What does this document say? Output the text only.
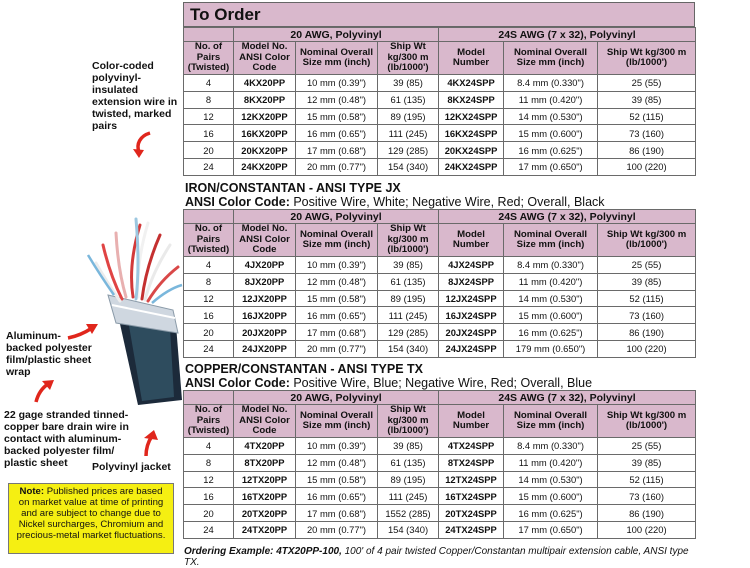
Color-coded polyvinyl-insulated extension wire in twisted, marked pairs
Aluminum-backed polyester film/plastic sheet wrap
22 gage stranded tinned-copper bare drain wire in contact with aluminum-backed polyester film/ plastic sheet	Polyvinyl jacket
Note: Published prices are based on market value at time of printing and are subject to change due to Nickel surcharges, Chromium and precious-metal market fluctuations.
To Order
	20 AWG, Polyvinyl			24S AWG (7 x 32), Polyvinyl		
No. of Pairs (Twisted)	Model No. ANSI Color Code	Nominal Overall Size mm (inch)	Ship Wt kg/300 m (lb/1000')	Model Number	Nominal Overall Size mm (inch)	Ship Wt kg/300 m (lb/1000')
4	4KX20PP	10 mm (0.39")	39 (85)	4KX24SPP	8.4 mm (0.330")	25 (55)
8	8KX20PP	12 mm (0.48")	61 (135)	8KX24SPP	11 mm (0.420")	39 (85)
12	12KX20PP	15 mm (0.58")	89 (195)	12KX24SPP	14 mm (0.530")	52 (115)
16	16KX20PP	16 mm (0.65")	111 (245)	16KX24SPP	15 mm (0.600")	73 (160)
20	20KX20PP	17 mm (0.68")	129 (285)	20KX24SPP	16 mm (0.625")	86 (190)
24	24KX20PP	20 mm (0.77")	154 (340)	24KX24SPP	17 mm (0.650")	100 (220)
IRON/CONSTANTAN - ANSI TYPE JX
ANSI Color Code: Positive Wire, White; Negative Wire, Red; Overall, Black
	20 AWG, Polyvinyl			24S AWG (7 x 32), Polyvinyl		
No. of Pairs (Twisted)	Model No. ANSI Color Code	Nominal Overall Size mm (inch)	Ship Wt kg/300 m (lb/1000')	Model Number	Nominal Overall Size mm (inch)	Ship Wt kg/300 m (lb/1000')
4	4JX20PP	10 mm (0.39")	39 (85)	4JX24SPP	8.4 mm (0.330")	25 (55)
8	8JX20PP	12 mm (0.48")	61 (135)	8JX24SPP	11 mm (0.420")	39 (85)
12	12JX20PP	15 mm (0.58")	89 (195)	12JX24SPP	14 mm (0.530")	52 (115)
16	16JX20PP	16 mm (0.65")	111 (245)	16JX24SPP	15 mm (0.600")	73 (160)
20	20JX20PP	17 mm (0.68")	129 (285)	20JX24SPP	16 mm (0.625")	86 (190)
24	24JX20PP	20 mm (0.77")	154 (340)	24JX24SPP	179 mm (0.650")	100 (220)
COPPER/CONSTANTAN - ANSI TYPE TX
ANSI Color Code: Positive Wire, Blue; Negative Wire, Red; Overall, Blue
	20 AWG, Polyvinyl			24S AWG (7 x 32), Polyvinyl		
No. of Pairs (Twisted)	Model No. ANSI Color Code	Nominal Overall Size mm (inch)	Ship Wt kg/300 m (lb/1000')	Model Number	Nominal Overall Size mm (inch)	Ship Wt kg/300 m (lb/1000')
4	4TX20PP	10 mm (0.39")	39 (85)	4TX24SPP	8.4 mm (0.330")	25 (55)
8	8TX20PP	12 mm (0.48")	61 (135)	8TX24SPP	11 mm (0.420")	39 (85)
12	12TX20PP	15 mm (0.58")	89 (195)	12TX24SPP	14 mm (0.530")	52 (115)
16	16TX20PP	16 mm (0.65")	111 (245)	16TX24SPP	15 mm (0.600")	73 (160)
20	20TX20PP	17 mm (0.68")	1552 (285)	20TX24SPP	16 mm (0.625")	86 (190)
24	24TX20PP	20 mm (0.77")	154 (340)	24TX24SPP	17 mm (0.650")	100 (220)
Ordering Example: 4TX20PP-100, 100' of 4 pair twisted Copper/Constantan multipair extension cable, ANSI type TX.
